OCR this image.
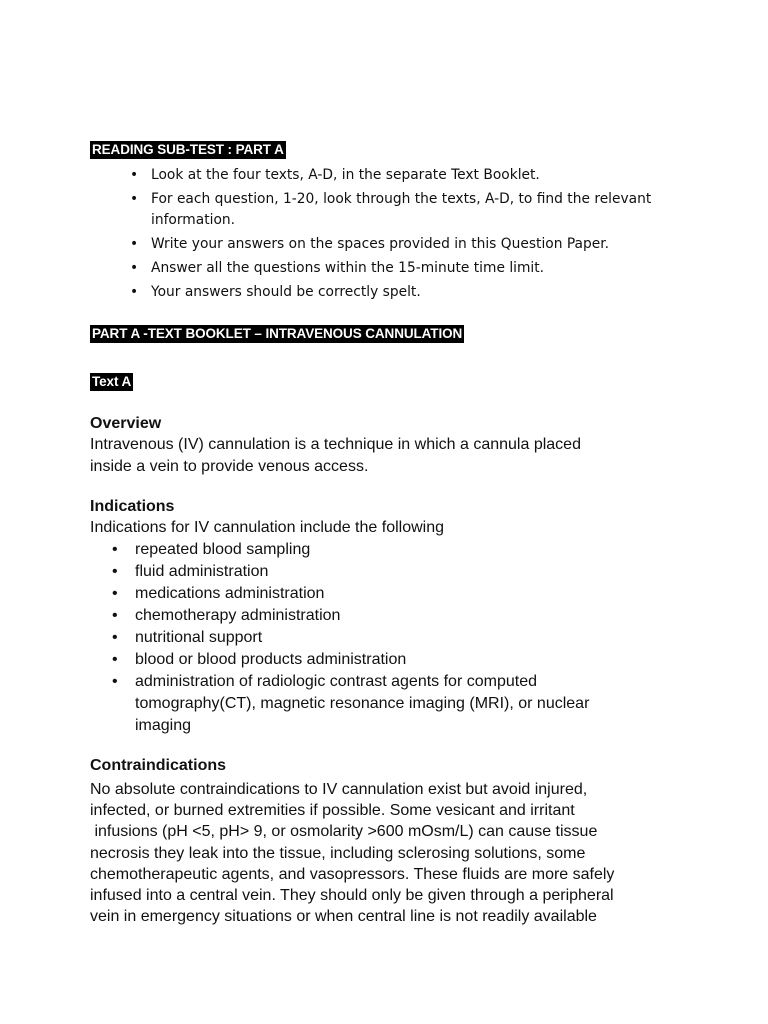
READING SUB-TEST : PART A
• Look at the four texts, A-D, in the separate Text Booklet.
• For each question, 1-20, look through the texts, A-D, to find the relevant information.
• Write your answers on the spaces provided in this Question Paper.
• Answer all the questions within the 15-minute time limit.
• Your answers should be correctly spelt.
PART A -TEXT BOOKLET – INTRAVENOUS CANNULATION
Text A
Overview

Intravenous (IV) cannulation is a technique in which a cannula placed
inside a vein to provide venous access.

Indications

Indications for IV cannulation include the following

• repeated blood sampling
• fluid administration
• medications administration
• chemotherapy administration
• nutritional support
• blood or blood products administration
• administration of radiologic contrast agents for computed tomography(CT), magnetic resonance imaging (MRI), or nuclear imaging
Contraindications

No absolute contraindications to IV cannulation exist but avoid injured,
infected, or burned extremities if possible. Some vesicant and irritant
infusions (pH <5, pH> 9, or osmolarity >600 mOsm/L) can cause tissue
necrosis they leak into the tissue, including sclerosing solutions, some
chemotherapeutic agents, and vasopressors. These fluids are more safely
infused into a central vein. They should only be given through a peripheral
vein in emergency situations or when central line is not readily available
